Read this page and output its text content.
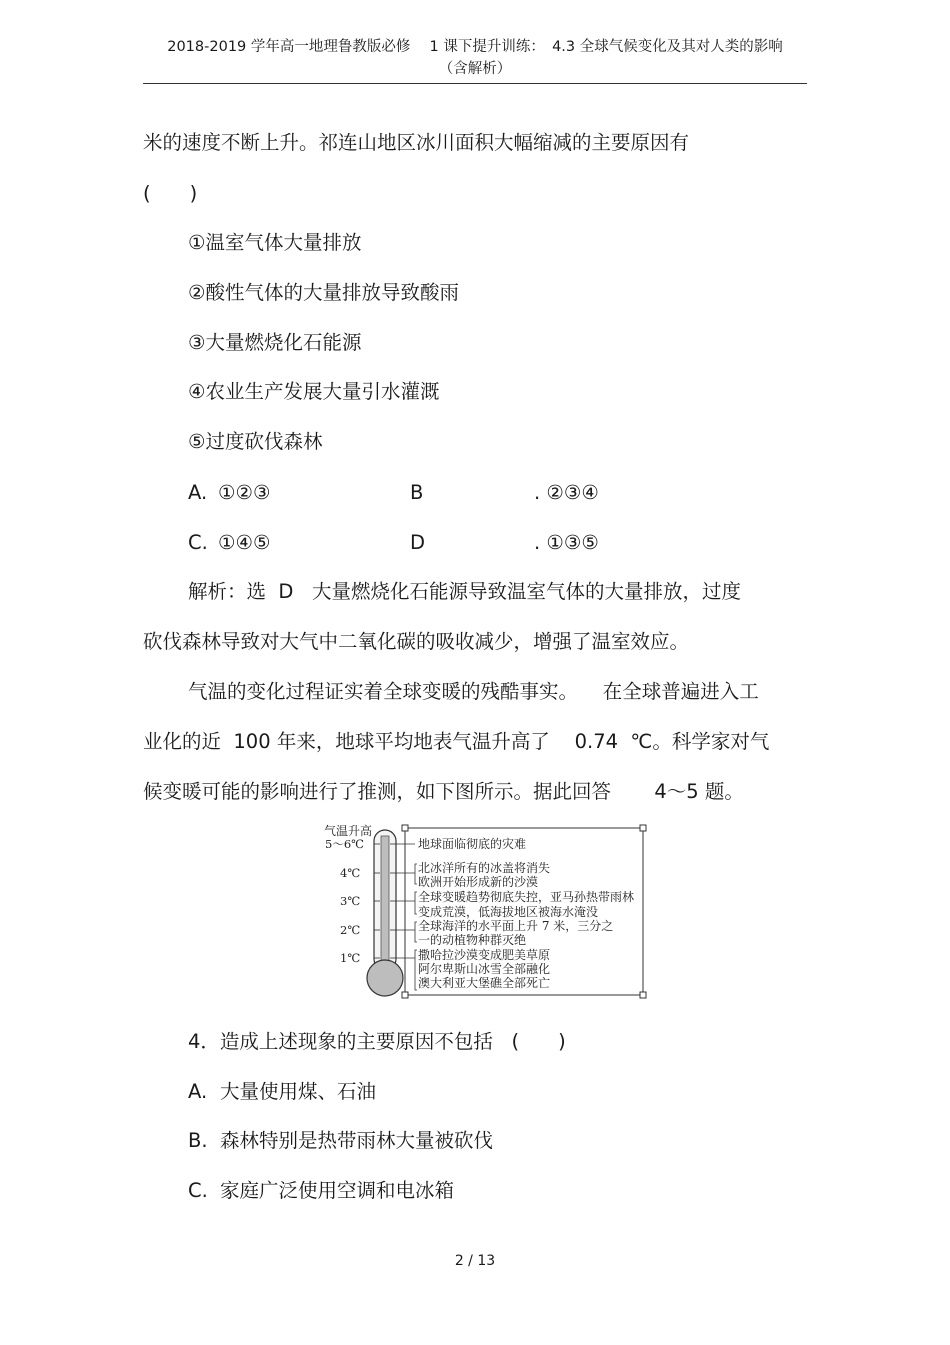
2018-2019 学年高一地理鲁教版必修　 1 课下提升训练：　4.3 全球气候变化及其对人类的影响
（含解析）
米的速度不断上升。祁连山地区冰川面积大幅缩减的主要原因有
(　　)
①温室气体大量排放
②酸性气体的大量排放导致酸雨
③大量燃烧化石能源
④农业生产发展大量引水灌溉
⑤过度砍伐森林
A. ①②③	B	. ②③④
C. ①④⑤	D	. ①③⑤
解析：选  D   大量燃烧化石能源导致温室气体的大量排放，过度
砍伐森林导致对大气中二氧化碳的吸收减少，增强了温室效应。
气温的变化过程证实着全球变暖的残酷事实。    在全球普遍进入工
业化的近  100 年来，地球平均地表气温升高了    0.74  ℃。科学家对气
候变暖可能的影响进行了推测，如下图所示。据此回答       4～5 题。
气温升高
5～6℃
4℃
3℃
2℃
1℃
地球面临彻底的灾难
北冰洋所有的冰盖将消失
欧洲开始形成新的沙漠
全球变暖趋势彻底失控，亚马孙热带雨林
变成荒漠，低海拔地区被海水淹没
全球海洋的水平面上升 7 米，三分之
一的动植物种群灭绝
撒哈拉沙漠变成肥美草原
阿尔卑斯山冰雪全部融化
澳大利亚大堡礁全部死亡
4．造成上述现象的主要原因不包括   (　　)
A. 大量使用煤、石油
B. 森林特别是热带雨林大量被砍伐
C. 家庭广泛使用空调和电冰箱
2 / 13
